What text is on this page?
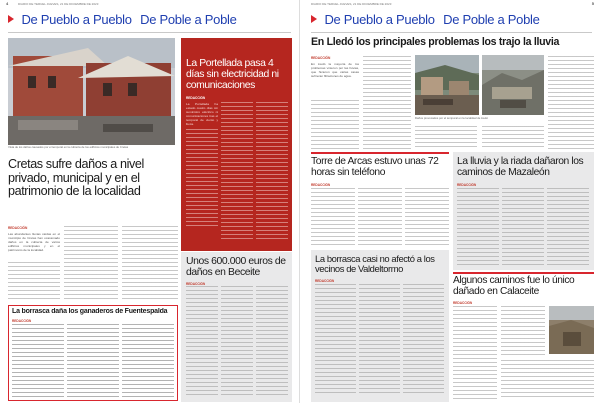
4	DIARIO DE TERUEL JUEVES, 21 DE DICIEMBRE DE 2023
De Pueblo a Pueblo De Poble a Poble
Vista de los daños causados por el temporal en la cubierta de los edificios municipales de Cretas
Cretas sufre daños a nivel privado, municipal y en el patrimonio de la localidad
REDACCIÓN
Las abundantes lluvias caídas en el municipio de Cretas han ocasionado daños en la cubierta de varios edificios municipales y en el patrimonio de la localidad.
La Portellada pasa 4 días sin electricidad ni comunicaciones
REDACCIÓN
La Portellada ha estado cuatro días sin suministro eléctrico ni comunicaciones tras el temporal de viento y lluvia.
Unos 600.000 euros de daños en Beceite
REDACCIÓN
La borrasca daña los ganaderos de Fuentespalda
REDACCIÓN
5
DIARIO DE TERUEL JUEVES, 21 DE DICIEMBRE DE 2023
De Pueblo a Pueblo De Poble a Poble
En Lledó los principales problemas los trajo la lluvia
REDACCIÓN
En Lledó la mayoría de los problemas vinieron por las lluvias, que hicieron que varias casas sufrieran filtraciones de agua.
Daños provocados por el temporal en la localidad de Lledó
Torre de Arcas estuvo unas 72 horas sin teléfono
REDACCIÓN
La lluvia y la riada dañaron los caminos de Mazaleón
REDACCIÓN
La borrasca casi no afectó a los vecinos de Valdeltormo
REDACCIÓN	Algunos caminos fue lo único dañado en Calaceite
REDACCIÓN
